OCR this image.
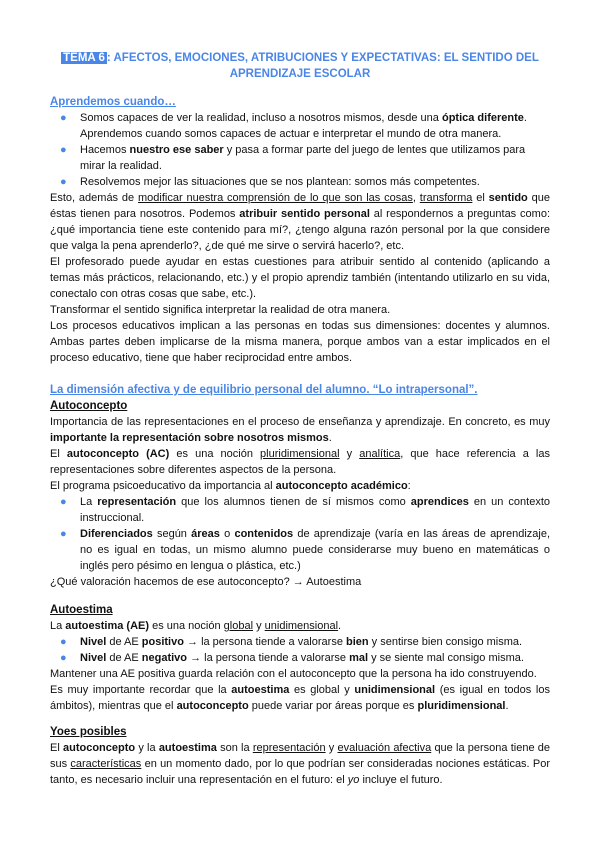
TEMA 6 : AFECTOS, EMOCIONES, ATRIBUCIONES Y EXPECTATIVAS: EL SENTIDO DEL
APRENDIZAJE ESCOLAR
Aprendemos cuando…
● Somos capaces de ver la realidad, incluso a nosotros mismos, desde una óptica diferente. Aprendemos cuando somos capaces de actuar e interpretar el mundo de otra manera.
● Hacemos nuestro ese saber y pasa a formar parte del juego de lentes que utilizamos para mirar la realidad.
● Resolvemos mejor las situaciones que se nos plantean: somos más competentes.

Esto, además de modificar nuestra comprensión de lo que son las cosas, transforma el sentido que éstas tienen para nosotros. Podemos atribuir sentido personal al respondernos a preguntas como: ¿qué importancia tiene este contenido para mí?, ¿tengo alguna razón personal por la que considere que valga la pena aprenderlo?, ¿de qué me sirve o servirá hacerlo?, etc.

El profesorado puede ayudar en estas cuestiones para atribuir sentido al contenido (aplicando a temas más prácticos, relacionando, etc.) y el propio aprendiz también (intentando utilizarlo en su vida, conectalo con otras cosas que sabe, etc.).

Transformar el sentido significa interpretar la realidad de otra manera.

Los procesos educativos implican a las personas en todas sus dimensiones: docentes y alumnos. Ambas partes deben implicarse de la misma manera, porque ambos van a estar implicados en el proceso educativo, tiene que haber reciprocidad entre ambos.

La dimensión afectiva y de equilibrio personal del alumno. “Lo intrapersonal”.
Autoconcepto

Importancia de las representaciones en el proceso de enseñanza y aprendizaje. En concreto, es muy importante la representación sobre nosotros mismos.

El autoconcepto (AC) es una noción pluridimensional y analítica, que hace referencia a las representaciones sobre diferentes aspectos de la persona.

El programa psicoeducativo da importancia al autoconcepto académico:

● La representación que los alumnos tienen de sí mismos como aprendices en un contexto instruccional.
● Diferenciados según áreas o contenidos de aprendizaje (varía en las áreas de aprendizaje, no es igual en todas, un mismo alumno puede considerarse muy bueno en matemáticas o inglés pero pésimo en lengua o plástica, etc.)

¿Qué valoración hacemos de ese autoconcepto? → Autoestima

Autoestima

La autoestima (AE) es una noción global y unidimensional.

● Nivel de AE positivo → la persona tiende a valorarse bien y sentirse bien consigo misma.
● Nivel de AE negativo → la persona tiende a valorarse mal y se siente mal consigo misma.

Mantener una AE positiva guarda relación con el autoconcepto que la persona ha ido construyendo.

Es muy importante recordar que la autoestima es global y unidimensional (es igual en todos los ámbitos), mientras que el autoconcepto puede variar por áreas porque es pluridimensional.

Yoes posibles

El autoconcepto y la autoestima son la representación y evaluación afectiva que la persona tiene de sus características en un momento dado, por lo que podrían ser consideradas nociones estáticas. Por tanto, es necesario incluir una representación en el futuro: el yo incluye el futuro.
